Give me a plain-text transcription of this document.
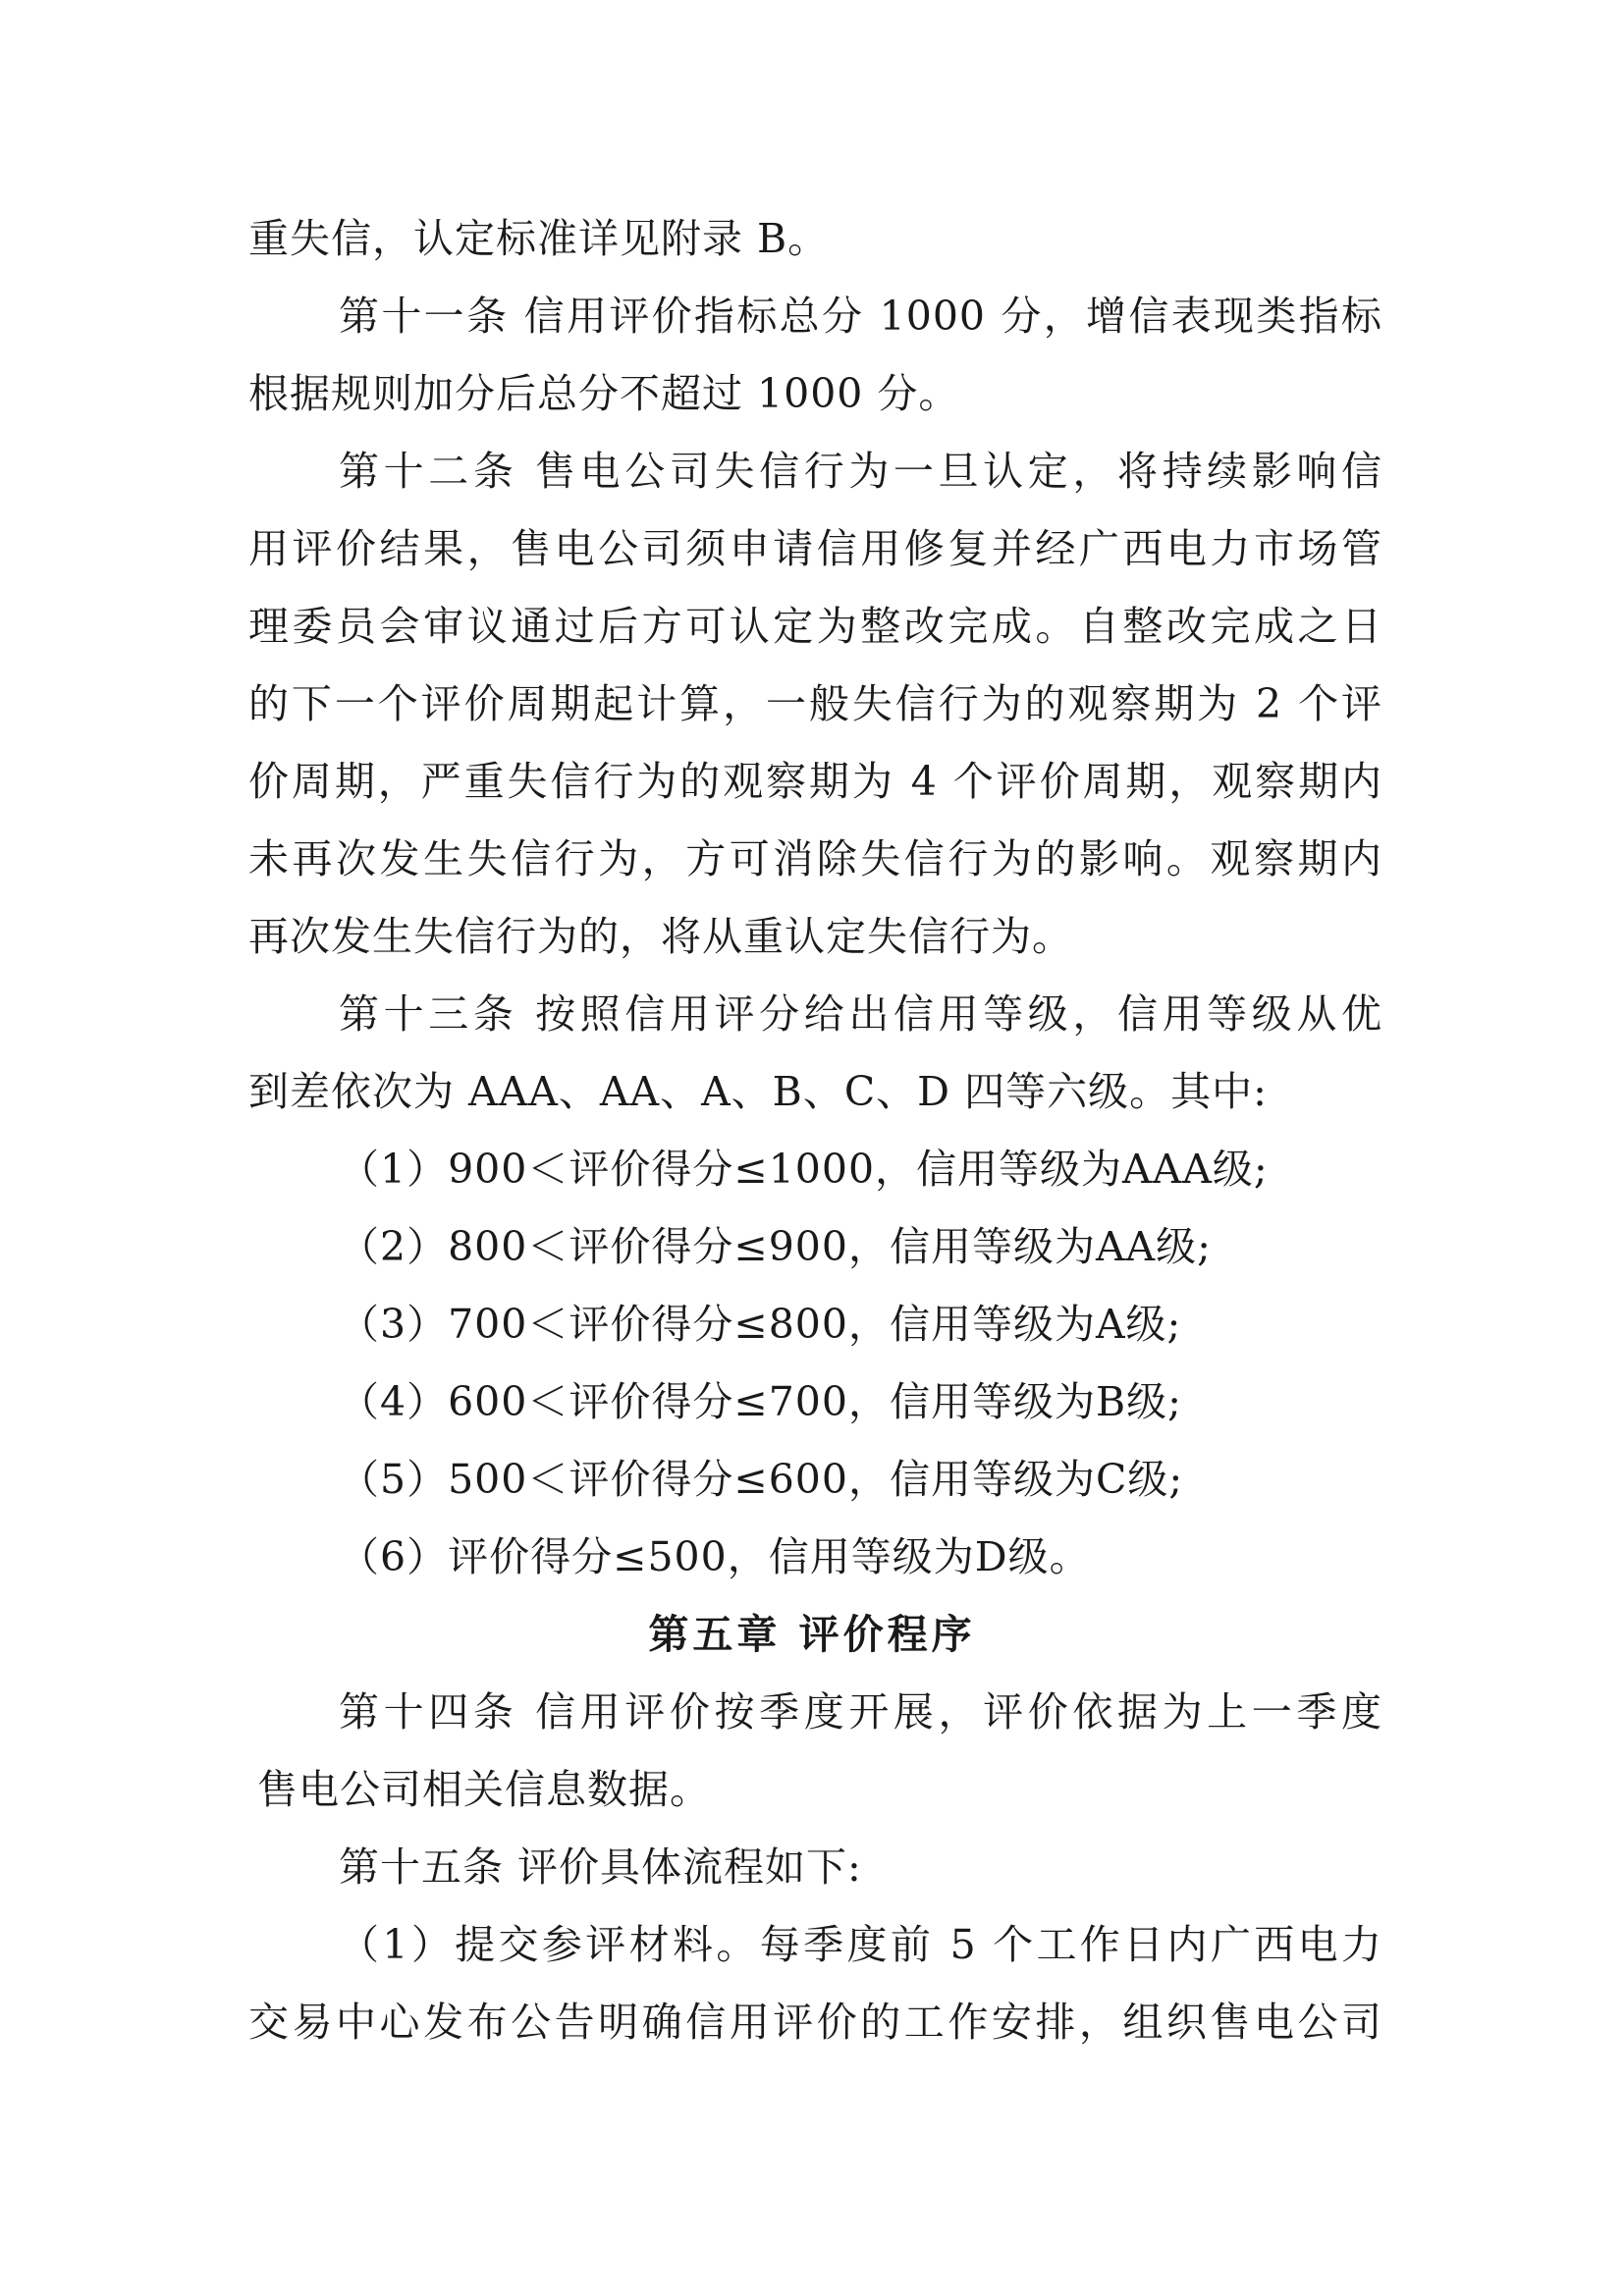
重失信，认定标准详见附录 B。
第十一条 信用评价指标总分 1000 分，增信表现类指标
根据规则加分后总分不超过 1000 分。
第十二条 售电公司失信行为一旦认定，将持续影响信
用评价结果，售电公司须申请信用修复并经广西电力市场管
理委员会审议通过后方可认定为整改完成。自整改完成之日
的下一个评价周期起计算，一般失信行为的观察期为 2 个评
价周期，严重失信行为的观察期为 4 个评价周期，观察期内
未再次发生失信行为，方可消除失信行为的影响。观察期内
再次发生失信行为的，将从重认定失信行为。
第十三条 按照信用评分给出信用等级，信用等级从优
到差依次为 AAA、AA、A、B、C、D 四等六级。其中:
（1）900＜评价得分≤1000，信用等级为AAA级;
（2）800＜评价得分≤900，信用等级为AA级;
（3）700＜评价得分≤800，信用等级为A级;
（4）600＜评价得分≤700，信用等级为B级;
（5）500＜评价得分≤600，信用等级为C级;
（6）评价得分≤500，信用等级为D级。
第五章 评价程序
第十四条 信用评价按季度开展，评价依据为上一季度
售电公司相关信息数据。
第十五条 评价具体流程如下:
（1）提交参评材料。每季度前 5 个工作日内广西电力
交易中心发布公告明确信用评价的工作安排，组织售电公司
